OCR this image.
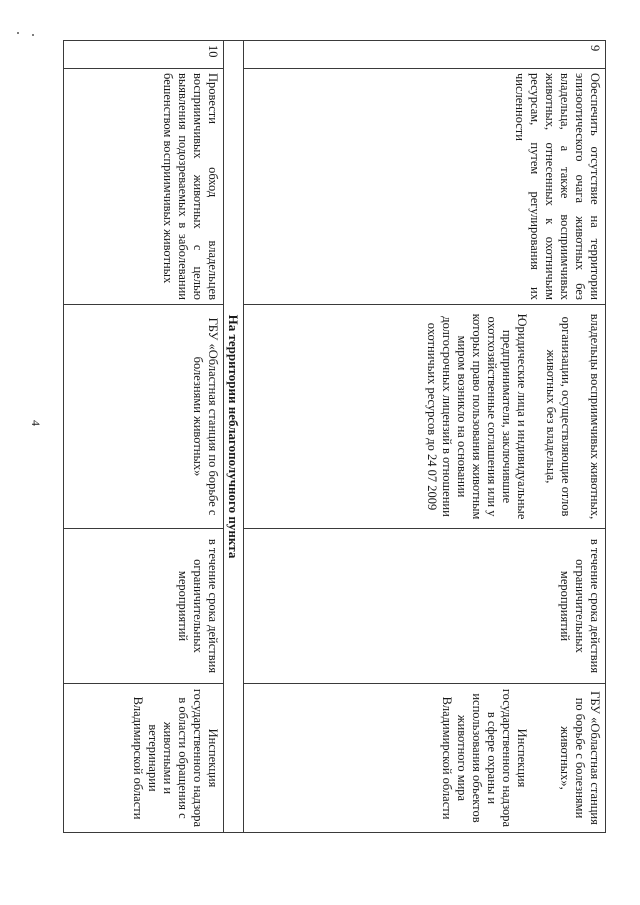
4
9	Обеспечить отсутствие на территории эпизоотического очага животных без владельца, а также восприимчивых животных, отнесенных к охотничьим ресурсам, путем регулирования их численности	владельцы восприимчивых животных,
организации, осуществляющие отлов животных без владельца,
Юридические лица и индивидуальные предприниматели, заключившие охотхозяйственные соглашения или у которых право пользования животным миром возникло на основании долгосрочных лицензий в отношении охотничьих ресурсов до 24 07 2009	в течение срока действия ограничительных мероприятий	ГБУ «Областная станция по борьбе с болезнями животных»,
Инспекция государственного надзора в сфере охраны и использования объектов животного мира Владимирской области

На территории неблагополучного пункта				
10	Провести обход владельцев восприимчивых животных с целью выявления подозреваемых в заболевании бешенством восприимчивых животных	ГБУ «Областная станция по борьбе с болезнями животных»	в течение срока действия ограничительных мероприятий	Инспекция государственного надзора в области обращения с животными и ветеринарии Владимирской области
